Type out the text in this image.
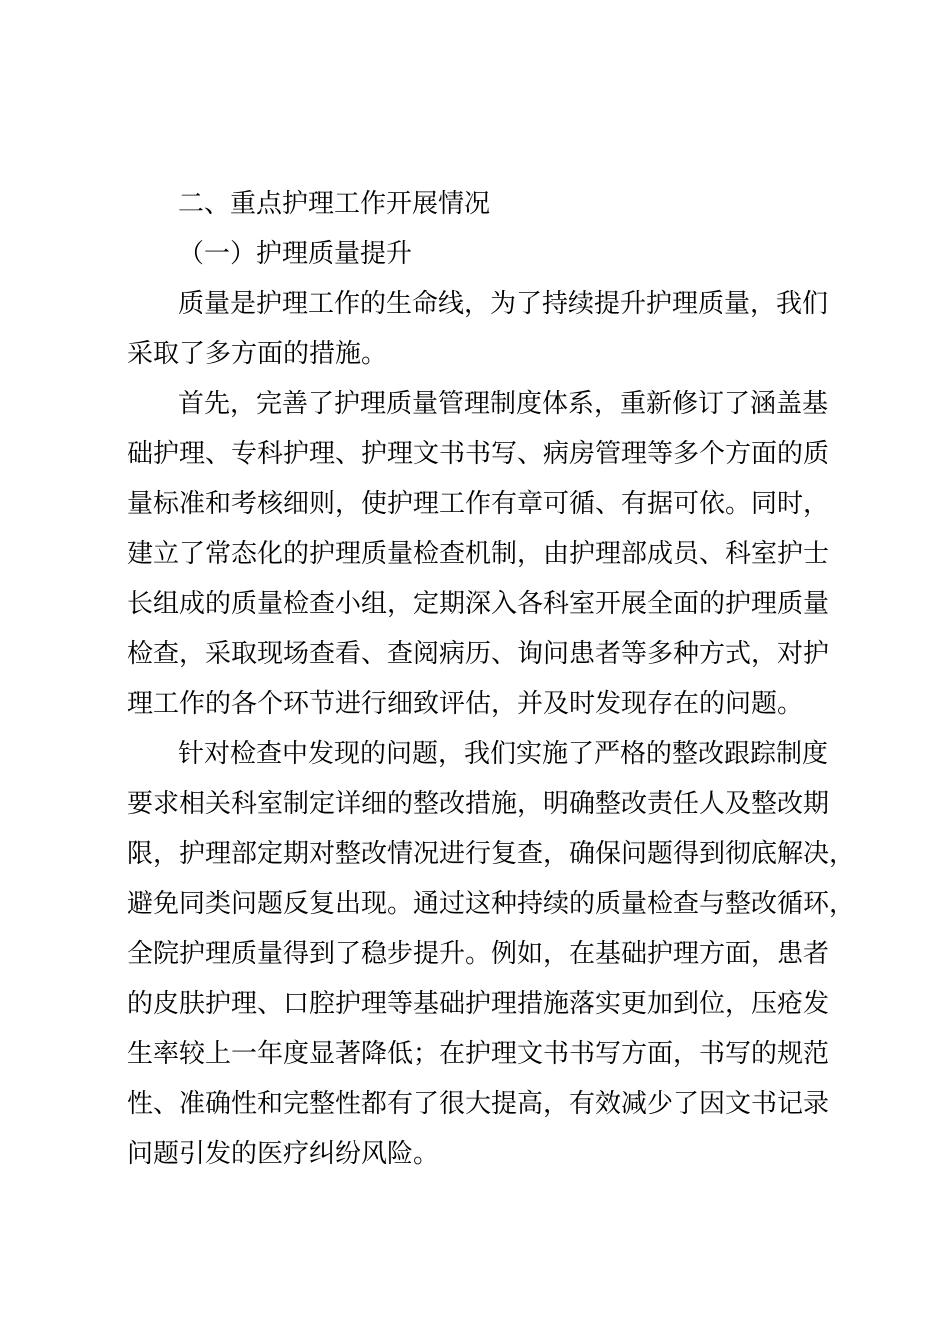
二、重点护理工作开展情况
（一）护理质量提升
质量是护理工作的生命线，为了持续提升护理质量，我们
采取了多方面的措施。
首先，完善了护理质量管理制度体系，重新修订了涵盖基
础护理、专科护理、护理文书书写、病房管理等多个方面的质
量标准和考核细则，使护理工作有章可循、有据可依。同时，
建立了常态化的护理质量检查机制，由护理部成员、科室护士
长组成的质量检查小组，定期深入各科室开展全面的护理质量
检查，采取现场查看、查阅病历、询问患者等多种方式，对护
理工作的各个环节进行细致评估，并及时发现存在的问题。
针对检查中发现的问题，我们实施了严格的整改跟踪制度
要求相关科室制定详细的整改措施，明确整改责任人及整改期
限，护理部定期对整改情况进行复查，确保问题得到彻底解决，
避免同类问题反复出现。通过这种持续的质量检查与整改循环，
全院护理质量得到了稳步提升。例如，在基础护理方面，患者
的皮肤护理、口腔护理等基础护理措施落实更加到位，压疮发
生率较上一年度显著降低；在护理文书书写方面，书写的规范
性、准确性和完整性都有了很大提高，有效减少了因文书记录
问题引发的医疗纠纷风险。
